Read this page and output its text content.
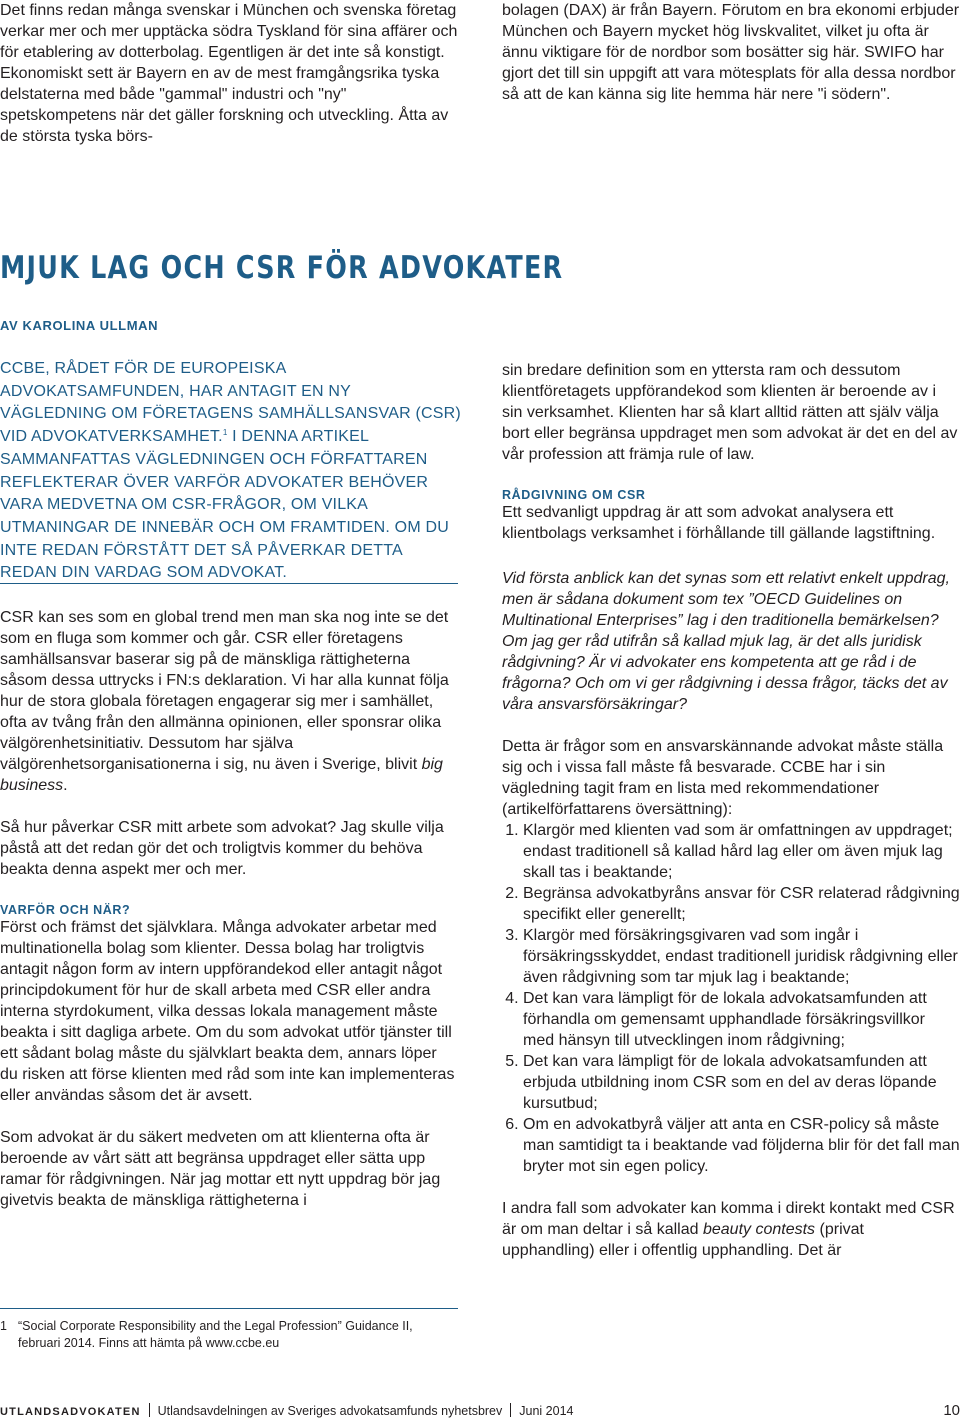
Det finns redan många svenskar i München och svenska företag verkar mer och mer upptäcka södra Tyskland för sina affärer och för etablering av dotterbolag. Egentligen är det inte så konstigt. Ekonomiskt sett är Bayern en av de mest framgångsrika tyska delstaterna med både "gammal" industri och "ny" spetskompetens när det gäller forskning och utveckling. Åtta av de största tyska börs-

bolagen (DAX) är från Bayern. Förutom en bra ekonomi erbjuder München och Bayern mycket hög livskvalitet, vilket ju ofta är ännu viktigare för de nordbor som bosätter sig här. SWIFO har gjort det till sin uppgift att vara mötesplats för alla dessa nordbor så att de kan känna sig lite hemma här nere "i södern".

MJUK LAG OCH CSR FÖR ADVOKATER

AV KAROLINA ULLMAN

CCBE, RÅDET FÖR DE EUROPEISKA ADVOKATSAMFUNDEN, HAR ANTAGIT EN NY VÄGLEDNING OM FÖRETAGENS SAMHÄLLSANSVAR (CSR) VID ADVOKATVERKSAMHET.$^1$ I DENNA ARTIKEL SAMMANFATTAS VÄGLEDNINGEN OCH FÖRFATTAREN REFLEKTERAR ÖVER VARFÖR ADVOKATER BEHÖVER VARA MEDVETNA OM CSR-FRÅGOR, OM VILKA UTMANINGAR DE INNEBÄR OCH OM FRAMTIDEN. OM DU INTE REDAN FÖRSTÅTT DET SÅ PÅVERKAR DETTA REDAN DIN VARDAG SOM ADVOKAT.

CSR kan ses som en global trend men man ska nog inte se det som en fluga som kommer och går. CSR eller företagens samhällsansvar baserar sig på de mänskliga rättigheterna såsom dessa uttrycks i FN:s deklaration. Vi har alla kunnat följa hur de stora globala företagen engagerar sig mer i samhället, ofta av tvång från den allmänna opinionen, eller sponsrar olika välgörenhetsinitiativ. Dessutom har själva välgörenhetsorganisationerna i sig, nu även i Sverige, blivit big business.

Så hur påverkar CSR mitt arbete som advokat? Jag skulle vilja påstå att det redan gör det och troligtvis kommer du behöva beakta denna aspekt mer och mer.

VARFÖR OCH NÄR?

Först och främst det självklara. Många advokater arbetar med multinationella bolag som klienter. Dessa bolag har troligtvis antagit någon form av intern uppförandekod eller antagit något principdokument för hur de skall arbeta med CSR eller andra interna styrdokument, vilka dessas lokala management måste beakta i sitt dagliga arbete. Om du som advokat utför tjänster till ett sådant bolag måste du självklart beakta dem, annars löper du risken att förse klienten med råd som inte kan implementeras eller användas såsom det är avsett.

Som advokat är du säkert medveten om att klienterna ofta är beroende av vårt sätt att begränsa uppdraget eller sätta upp ramar för rådgivningen. När jag mottar ett nytt uppdrag bör jag givetvis beakta de mänskliga rättigheterna i

sin bredare definition som en yttersta ram och dessutom klientföretagets uppförandekod som klienten är beroende av i sin verksamhet. Klienten har så klart alltid rätten att själv välja bort eller begränsa uppdraget men som advokat är det en del av vår profession att främja rule of law.

RÅDGIVNING OM CSR

Ett sedvanligt uppdrag är att som advokat analysera ett klientbolags verksamhet i förhållande till gällande lagstiftning.

Vid första anblick kan det synas som ett relativt enkelt uppdrag, men är sådana dokument som tex ”OECD Guidelines on Multinational Enterprises” lag i den traditionella bemärkelsen? Om jag ger råd utifrån så kallad mjuk lag, är det alls juridisk rådgivning? Är vi advokater ens kompetenta att ge råd i de frågorna? Och om vi ger rådgivning i dessa frågor, täcks det av våra ansvarsförsäkringar?

Detta är frågor som en ansvarskännande advokat måste ställa sig och i vissa fall måste få besvarade. CCBE har i sin vägledning tagit fram en lista med rekommendationer (artikelförfattarens översättning):

1. Klargör med klienten vad som är omfattningen av uppdraget; endast traditionell så kallad hård lag eller om även mjuk lag skall tas i beaktande;
2. Begränsa advokatbyråns ansvar för CSR relaterad rådgivning specifikt eller generellt;
3. Klargör med försäkringsgivaren vad som ingår i försäkringsskyddet, endast traditionell juridisk rådgivning eller även rådgivning som tar mjuk lag i beaktande;
4. Det kan vara lämpligt för de lokala advokatsamfunden att förhandla om gemensamt upphandlade försäkringsvillkor med hänsyn till utvecklingen inom rådgivning;
5. Det kan vara lämpligt för de lokala advokatsamfunden att erbjuda utbildning inom CSR som en del av deras löpande kursutbud;
6. Om en advokatbyrå väljer att anta en CSR-policy så måste man samtidigt ta i beaktande vad följderna blir för det fall man bryter mot sin egen policy.

I andra fall som advokater kan komma i direkt kontakt med CSR är om man deltar i så kallad beauty contests (privat upphandling) eller i offentlig upphandling. Det är

1 “Social Corporate Responsibility and the Legal Profession” Guidance II, februari 2014. Finns att hämta på www.ccbe.eu

UTLANDSADVOKATEN Utlandsavdelningen av Sveriges advokatsamfunds nyhetsbrev Juni 2014	10
